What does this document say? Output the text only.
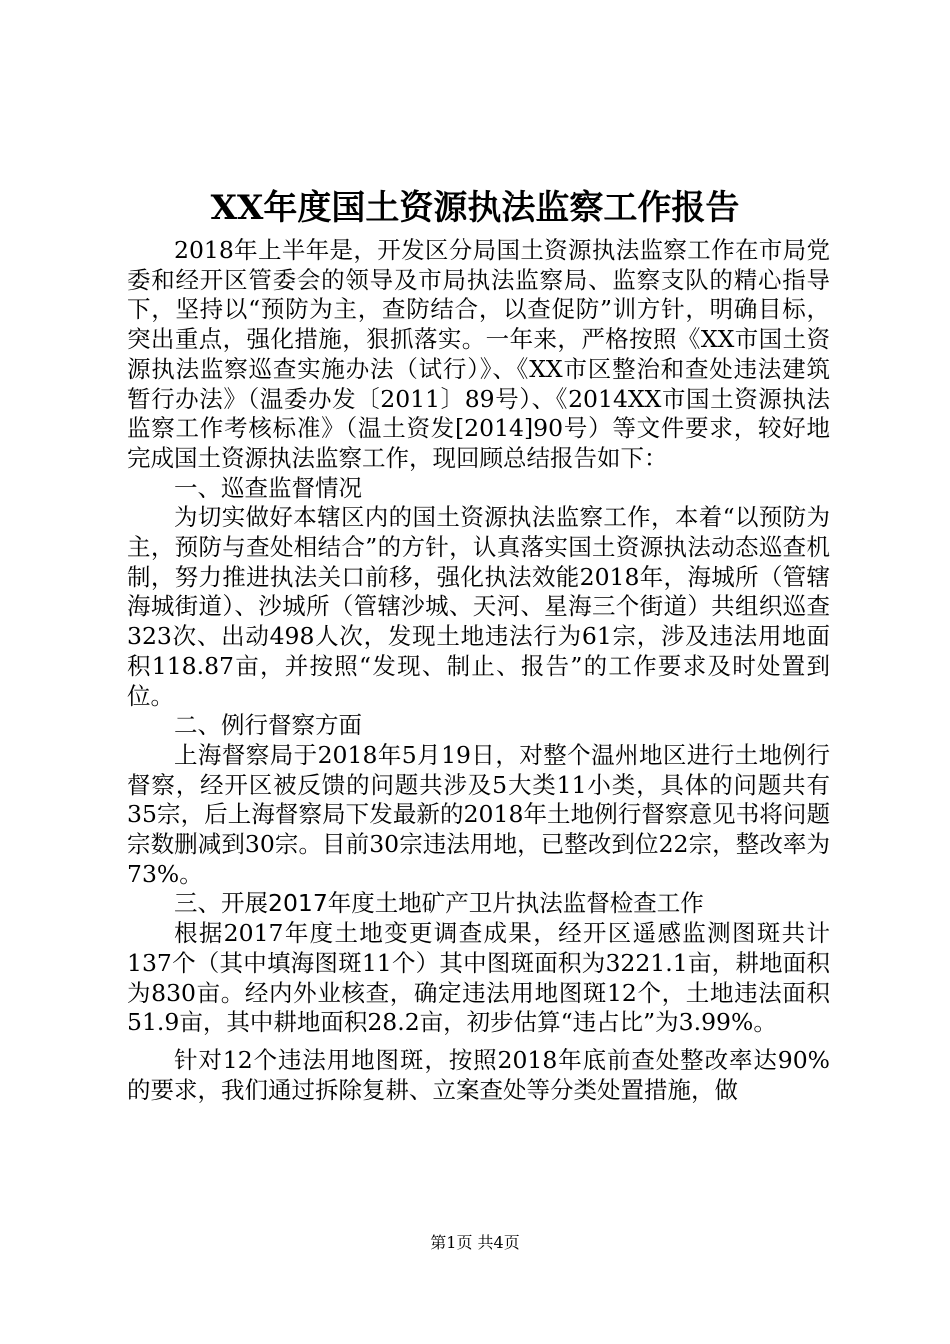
XX年度国土资源执法监察工作报告

2018年上半年是，开发区分局国土资源执法监察工作在市局党委和经开区管委会的领导及市局执法监察局、监察支队的精心指导下，坚持以“预防为主，查防结合，以查促防”训方针，明确目标，突出重点，强化措施，狠抓落实。一年来，严格按照《XX市国土资源执法监察巡查实施办法（试行）》、《XX市区整治和查处违法建筑暂行办法》（温委办发〔2011〕89号）、《2014XX市国土资源执法监察工作考核标准》（温土资发[2014]90号）等文件要求，较好地完成国土资源执法监察工作，现回顾总结报告如下：

一、巡查监督情况

为切实做好本辖区内的国土资源执法监察工作，本着“以预防为主，预防与查处相结合”的方针，认真落实国土资源执法动态巡查机制，努力推进执法关口前移，强化执法效能2018年，海城所（管辖海城街道）、沙城所（管辖沙城、天河、星海三个街道）共组织巡查323次、出动498人次，发现土地违法行为61宗，涉及违法用地面积118.87亩，并按照“发现、制止、报告”的工作要求及时处置到位。

二、例行督察方面

上海督察局于2018年5月19日，对整个温州地区进行土地例行督察，经开区被反馈的问题共涉及5大类11小类，具体的问题共有35宗，后上海督察局下发最新的2018年土地例行督察意见书将问题宗数删减到30宗。目前30宗违法用地，已整改到位22宗，整改率为73%。

三、开展2017年度土地矿产卫片执法监督检查工作

根据2017年度土地变更调查成果，经开区遥感监测图斑共计137个（其中填海图斑11个）其中图斑面积为3221.1亩，耕地面积为830亩。经内外业核查，确定违法用地图斑12个，土地违法面积51.9亩，其中耕地面积28.2亩，初步估算“违占比”为3.99%。

针对12个违法用地图斑，按照2018年底前查处整改率达90%的要求，我们通过拆除复耕、立案查处等分类处置措施，做

第1页 共4页
